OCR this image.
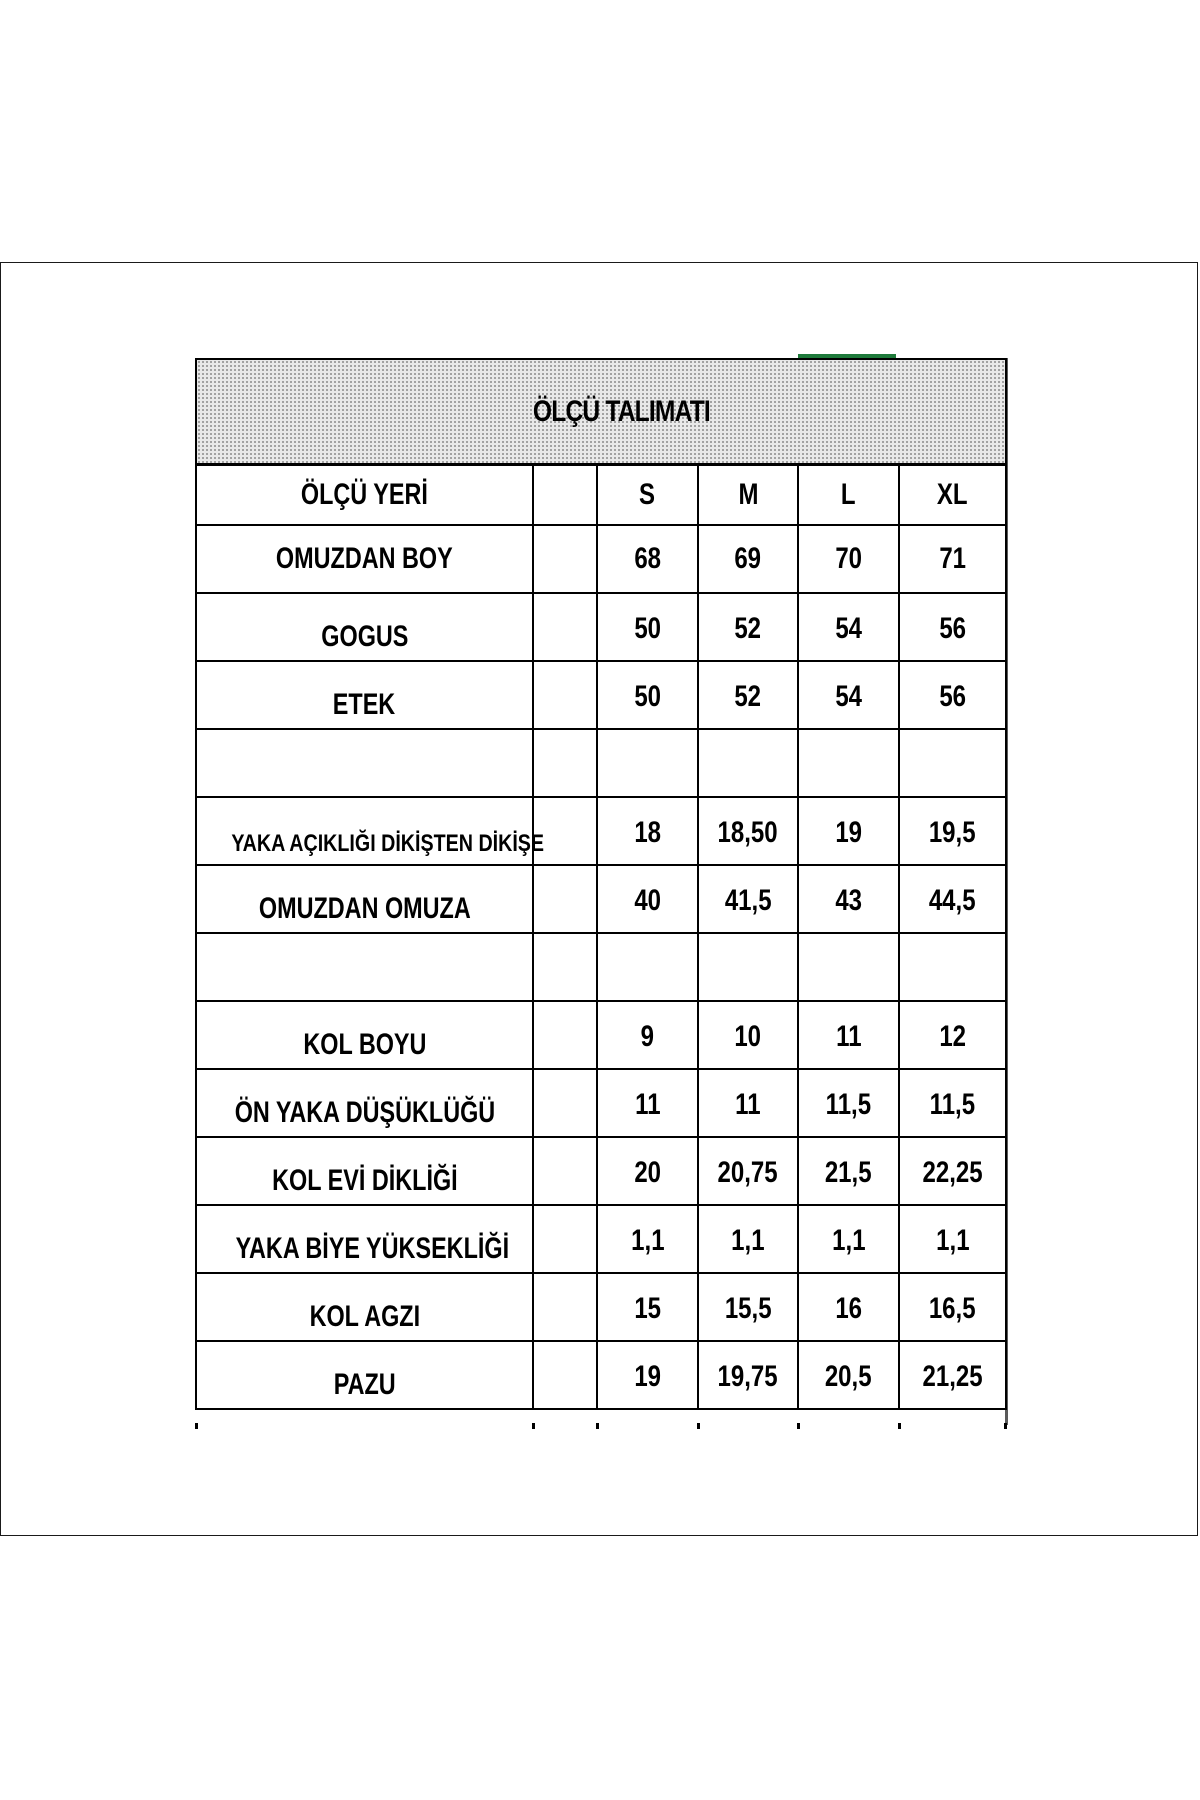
ÖLÇÜ TALIMATI					
ÖLÇÜ YERİ		S	M	L	XL
OMUZDAN BOY		68	69	70	71
GOGUS		50	52	54	56
ETEK		50	52	54	56

YAKA AÇIKLIĞI DİKİŞTEN DİKİŞE		18	18,50	19	19,5
OMUZDAN OMUZA		40	41,5	43	44,5

KOL BOYU		9	10	11	12
ÖN YAKA DÜŞÜKLÜĞÜ		11	11	11,5	11,5
KOL EVİ DİKLİĞİ		20	20,75	21,5	22,25
YAKA BİYE YÜKSEKLİĞİ		1,1	1,1	1,1	1,1
KOL AGZI		15	15,5	16	16,5
PAZU		19	19,75	20,5	21,25
